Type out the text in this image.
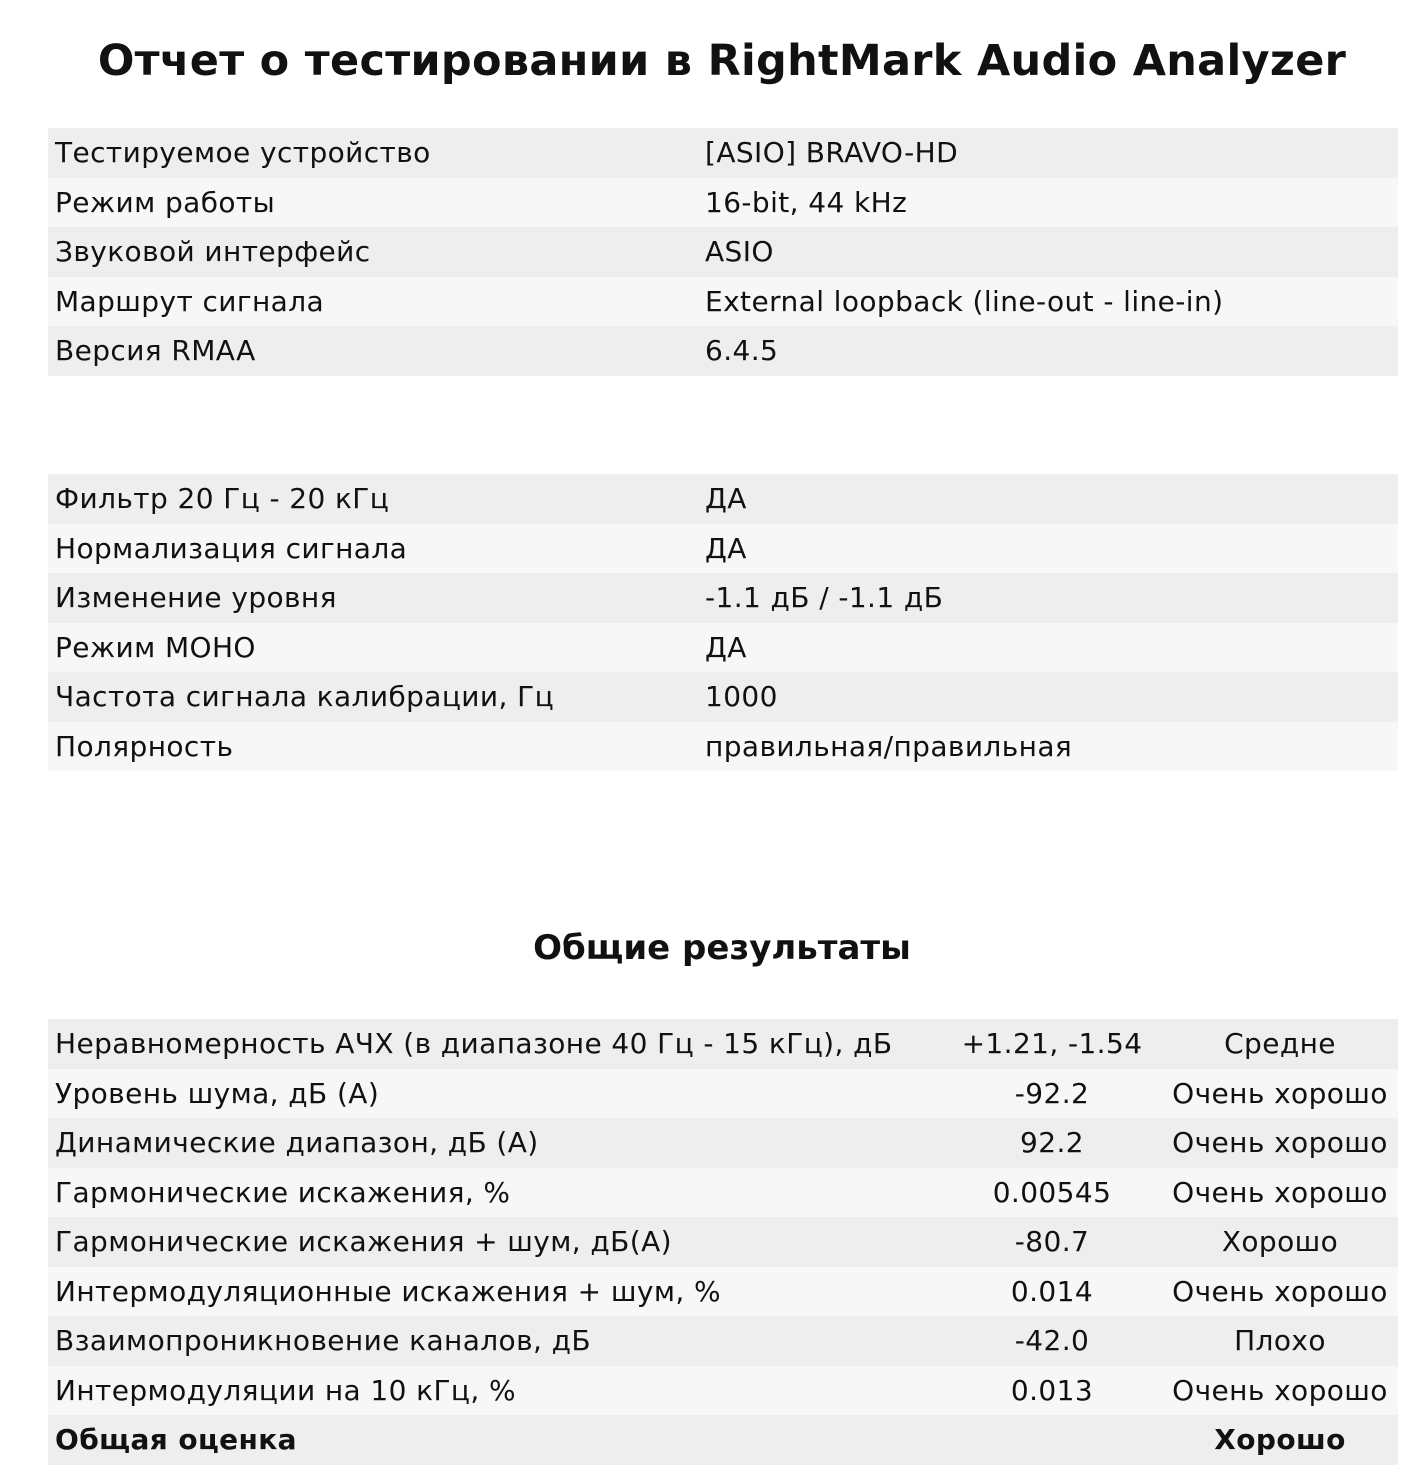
Отчет о тестировании в RightMark Audio Analyzer
Тестируемое устройство	[ASIO] BRAVO-HD
Режим работы	16-bit, 44 kHz
Звуковой интерфейс	ASIO
Маршрут сигнала	External loopback (line-out - line-in)
Версия RMAA	6.4.5
Фильтр 20 Гц - 20 кГц	ДА
Нормализация сигнала	ДА
Изменение уровня	-1.1 дБ / -1.1 дБ
Режим МОНО	ДА
Частота сигнала калибрации, Гц	1000
Полярность	правильная/правильная
Общие результаты
Неравномерность АЧХ (в диапазоне 40 Гц - 15 кГц), дБ	+1.21, -1.54	Средне
Уровень шума, дБ (А)	-92.2	Очень хорошо
Динамические диапазон, дБ (А)	92.2	Очень хорошо
Гармонические искажения, %	0.00545	Очень хорошо
Гармонические искажения + шум, дБ(А)	-80.7	Хорошо
Интермодуляционные искажения + шум, %	0.014	Очень хорошо
Взаимопроникновение каналов, дБ	-42.0	Плохо
Интермодуляции на 10 кГц, %	0.013	Очень хорошо
Общая оценка		Хорошо
